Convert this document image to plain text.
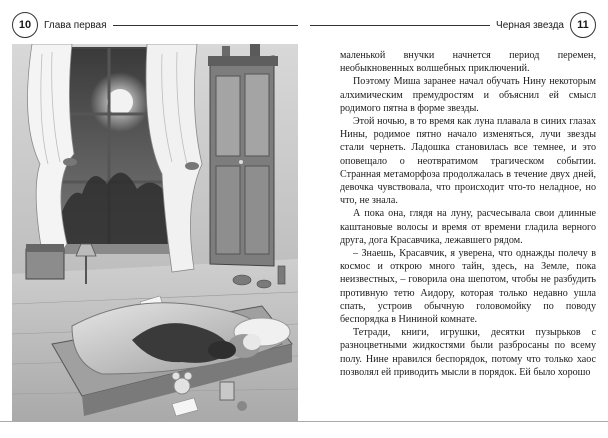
10	Глава первая	Черная звезда	11

маленькой внучки начнется период перемен, необыкновенных волшебных приключений.

Поэтому Миша заранее начал обучать Нину некоторым алхимическим премудростям и объяснил ей смысл родимого пятна в форме звезды.

Этой ночью, в то время как луна плавала в синих глазах Нины, родимое пятно начало изменяться, лучи звезды стали чернеть. Ладошка становилась все темнее, и это оповещало о неотвратимом трагическом событии. Странная метаморфоза продолжалась в течение двух дней, девочка чувствовала, что происходит что-то неладное, но что, не знала.

А пока она, глядя на луну, расчесывала свои длинные каштановые волосы и время от времени гладила верного друга, дога Красавчика, лежавшего рядом.

– Знаешь, Красавчик, я уверена, что однажды полечу в космос и открою много тайн, здесь, на Земле, пока неизвестных, – говорила она шепотом, чтобы не разбудить противную тетю Аидору, которая только недавно ушла спать, устроив обычную головомойку по поводу беспорядка в Нининой комнате.

Тетради, книги, игрушки, десятки пузырьков с разноцветными жидкостями были разбросаны по всему полу. Нине нравился беспорядок, потому что только хаос позволял ей приводить мысли в порядок. Ей было хорошо
